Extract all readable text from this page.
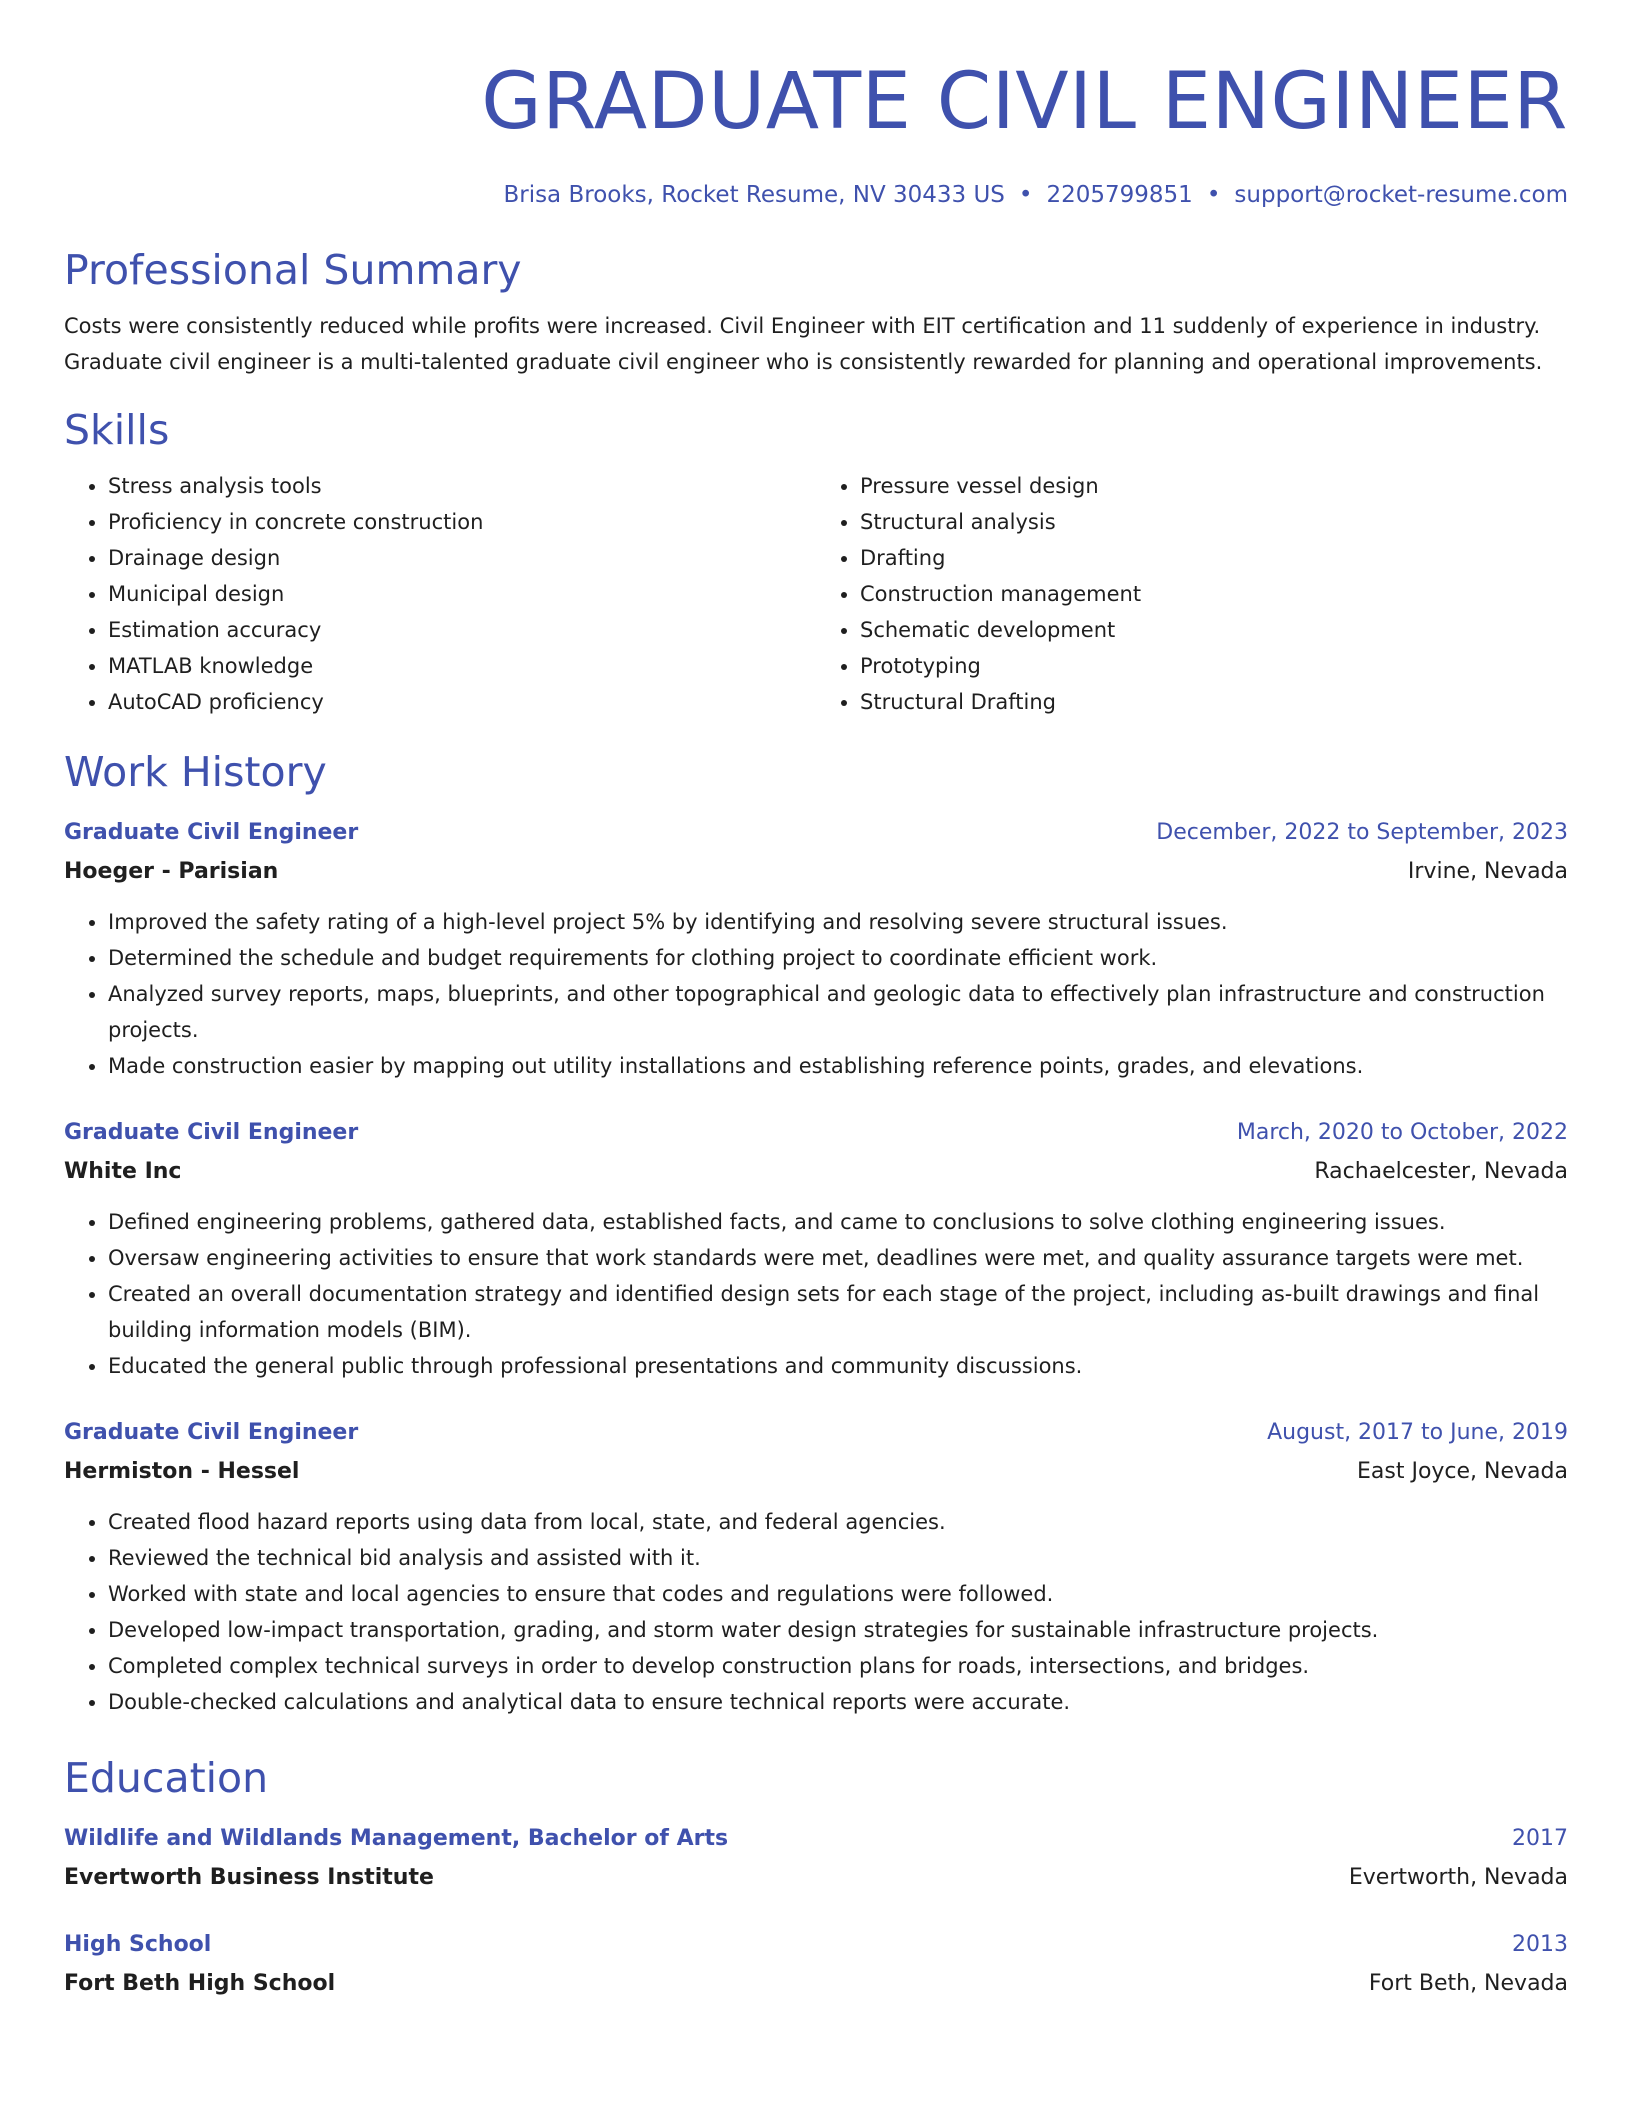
GRADUATE CIVIL ENGINEER
Brisa Brooks, Rocket Resume, NV 30433 US • 2205799851 • support@rocket-resume.com
Professional Summary
Costs were consistently reduced while profits were increased. Civil Engineer with EIT certification and 11 suddenly of experience in industry. Graduate civil engineer is a multi-talented graduate civil engineer who is consistently rewarded for planning and operational improvements.
Skills
• Stress analysis tools
• Proficiency in concrete construction
• Drainage design
• Municipal design
• Estimation accuracy
• MATLAB knowledge
• AutoCAD proficiency
• Pressure vessel design
• Structural analysis
• Drafting
• Construction management
• Schematic development
• Prototyping
• Structural Drafting
Work History
Graduate Civil Engineer	December, 2022 to September, 2023
Hoeger - Parisian	Irvine, Nevada
• Improved the safety rating of a high-level project 5% by identifying and resolving severe structural issues.
• Determined the schedule and budget requirements for clothing project to coordinate efficient work.
• Analyzed survey reports, maps, blueprints, and other topographical and geologic data to effectively plan infrastructure and construction projects.
• Made construction easier by mapping out utility installations and establishing reference points, grades, and elevations.
Graduate Civil Engineer	March, 2020 to October, 2022
White Inc	Rachaelcester, Nevada
• Defined engineering problems, gathered data, established facts, and came to conclusions to solve clothing engineering issues.
• Oversaw engineering activities to ensure that work standards were met, deadlines were met, and quality assurance targets were met.
• Created an overall documentation strategy and identified design sets for each stage of the project, including as-built drawings and final building information models (BIM).
• Educated the general public through professional presentations and community discussions.
Graduate Civil Engineer	August, 2017 to June, 2019
Hermiston - Hessel	East Joyce, Nevada
• Created flood hazard reports using data from local, state, and federal agencies.
• Reviewed the technical bid analysis and assisted with it.
• Worked with state and local agencies to ensure that codes and regulations were followed.
• Developed low-impact transportation, grading, and storm water design strategies for sustainable infrastructure projects.
• Completed complex technical surveys in order to develop construction plans for roads, intersections, and bridges.
• Double-checked calculations and analytical data to ensure technical reports were accurate.
Education
Wildlife and Wildlands Management, Bachelor of Arts	2017
Evertworth Business Institute	Evertworth, Nevada
High School	2013
Fort Beth High School	Fort Beth, Nevada
